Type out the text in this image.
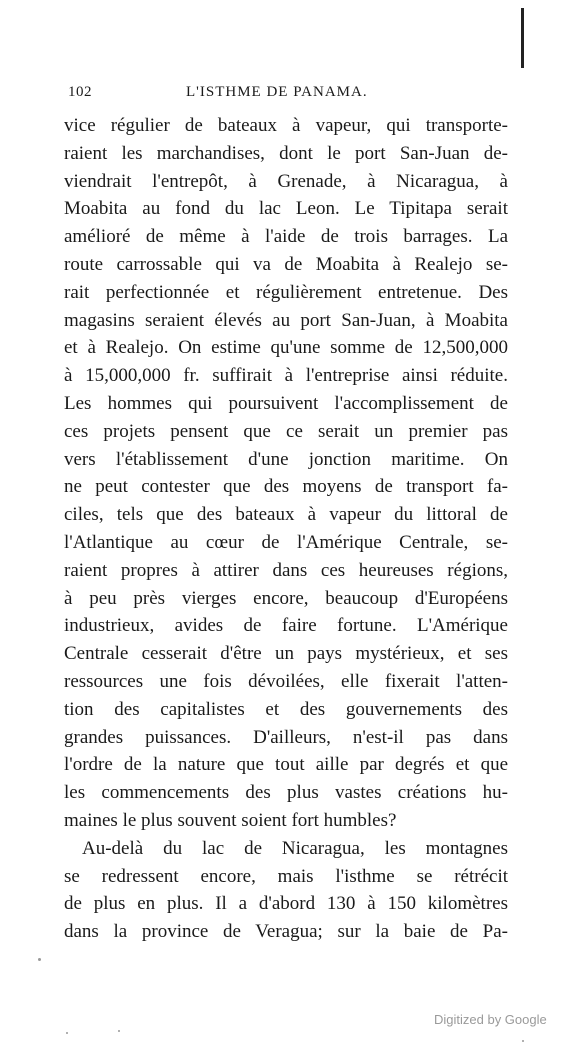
102	L'ISTHME DE PANAMA.
vice régulier de bateaux à vapeur, qui transporte-
raient les marchandises, dont le port San-Juan de-
viendrait l'entrepôt, à Grenade, à Nicaragua, à
Moabita au fond du lac Leon. Le Tipitapa serait
amélioré de même à l'aide de trois barrages. La
route carrossable qui va de Moabita à Realejo se-
rait perfectionnée et régulièrement entretenue. Des
magasins seraient élevés au port San-Juan, à Moabita
et à Realejo. On estime qu'une somme de 12,500,000
à 15,000,000 fr. suffirait à l'entreprise ainsi réduite.
Les hommes qui poursuivent l'accomplissement de
ces projets pensent que ce serait un premier pas
vers l'établissement d'une jonction maritime. On
ne peut contester que des moyens de transport fa-
ciles, tels que des bateaux à vapeur du littoral de
l'Atlantique au cœur de l'Amérique Centrale, se-
raient propres à attirer dans ces heureuses régions,
à peu près vierges encore, beaucoup d'Européens
industrieux, avides de faire fortune. L'Amérique
Centrale cesserait d'être un pays mystérieux, et ses
ressources une fois dévoilées, elle fixerait l'atten-
tion des capitalistes et des gouvernements des
grandes puissances. D'ailleurs, n'est-il pas dans
l'ordre de la nature que tout aille par degrés et que
les commencements des plus vastes créations hu-
maines le plus souvent soient fort humbles?
Au-delà du lac de Nicaragua, les montagnes
se redressent encore, mais l'isthme se rétrécit
de plus en plus. Il a d'abord 130 à 150 kilomètres
dans la province de Veragua; sur la baie de Pa-
Digitized by Google
